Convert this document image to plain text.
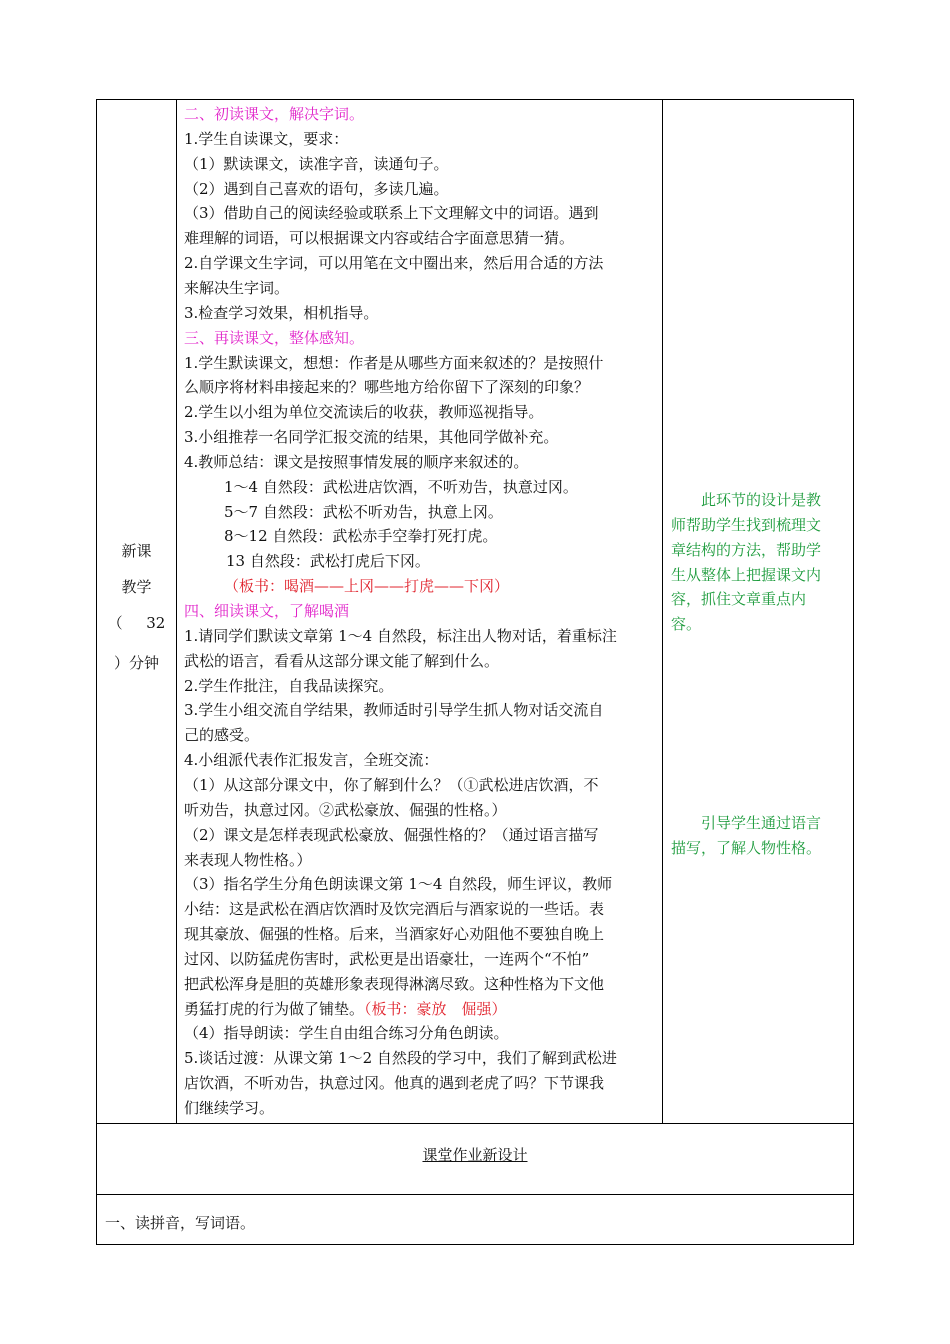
新课
教学
（ 32
）分钟
二、初读课文，解决字词。
1.学生自读课文，要求：
（1）默读课文，读准字音，读通句子。
（2）遇到自己喜欢的语句，多读几遍。
（3）借助自己的阅读经验或联系上下文理解文中的词语。遇到
难理解的词语，可以根据课文内容或结合字面意思猜一猜。
2.自学课文生字词，可以用笔在文中圈出来，然后用合适的方法
来解决生字词。
3.检查学习效果，相机指导。
三、再读课文，整体感知。
1.学生默读课文，想想：作者是从哪些方面来叙述的？是按照什
么顺序将材料串接起来的？哪些地方给你留下了深刻的印象？
2.学生以小组为单位交流读后的收获，教师巡视指导。
3.小组推荐一名同学汇报交流的结果，其他同学做补充。
4.教师总结：课文是按照事情发展的顺序来叙述的。
1～4 自然段：武松进店饮酒，不听劝告，执意过冈。
5～7 自然段：武松不听劝告，执意上冈。
8～12 自然段：武松赤手空拳打死打虎。
13 自然段：武松打虎后下冈。
（板书：喝酒——上冈——打虎——下冈）
四、细读课文，了解喝酒
1.请同学们默读文章第 1～4 自然段，标注出人物对话，着重标注
武松的语言，看看从这部分课文能了解到什么。
2.学生作批注，自我品读探究。
3.学生小组交流自学结果，教师适时引导学生抓人物对话交流自
己的感受。
4.小组派代表作汇报发言，全班交流：
（1）从这部分课文中，你了解到什么？（①武松进店饮酒，不
听劝告，执意过冈。②武松豪放、倔强的性格。）
（2）课文是怎样表现武松豪放、倔强性格的？（通过语言描写
来表现人物性格。）
（3）指名学生分角色朗读课文第 1～4 自然段，师生评议，教师
小结：这是武松在酒店饮酒时及饮完酒后与酒家说的一些话。表
现其豪放、倔强的性格。后来，当酒家好心劝阻他不要独自晚上
过冈、以防猛虎伤害时，武松更是出语豪壮，一连两个“不怕”
把武松浑身是胆的英雄形象表现得淋漓尽致。这种性格为下文他
勇猛打虎的行为做了铺垫。（板书：豪放　倔强）
（4）指导朗读：学生自由组合练习分角色朗读。
5.谈话过渡：从课文第 1～2 自然段的学习中，我们了解到武松进
店饮酒，不听劝告，执意过冈。他真的遇到老虎了吗？下节课我
们继续学习。
　　此环节的设计是教
师帮助学生找到梳理文
章结构的方法，帮助学
生从整体上把握课文内
容，抓住文章重点内
容。
　　引导学生通过语言
描写，了解人物性格。
课堂作业新设计
一、读拼音，写词语。
